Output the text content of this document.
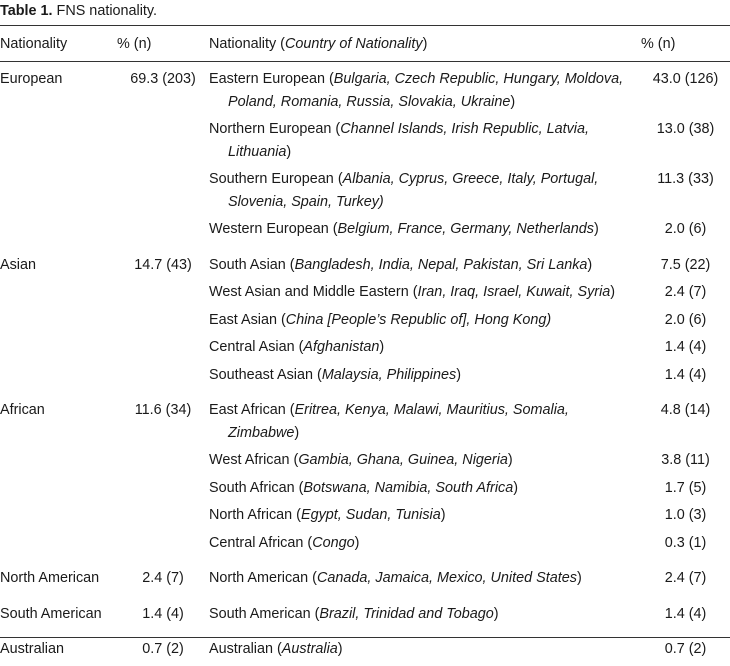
Table 1. FNS nationality.
Nationality	% (n)	Nationality (Country of Nationality)	% (n)

European	69.3 (203)	Eastern European (Bulgaria, Czech Republic, Hungary, Moldova, Poland, Romania, Russia, Slovakia, Ukraine)	43.0 (126)

		Northern European (Channel Islands, Irish Republic, Latvia, Lithuania)	13.0 (38)

		Southern European (Albania, Cyprus, Greece, Italy, Portugal, Slovenia, Spain, Turkey)	11.3 (33)

		Western European (Belgium, France, Germany, Netherlands)	2.0 (6)

Asian	14.7 (43)	South Asian (Bangladesh, India, Nepal, Pakistan, Sri Lanka)	7.5 (22)

		West Asian and Middle Eastern (Iran, Iraq, Israel, Kuwait, Syria)	2.4 (7)

		East Asian (China [People’s Republic of], Hong Kong)	2.0 (6)

		Central Asian (Afghanistan)	1.4 (4)

		Southeast Asian (Malaysia, Philippines)	1.4 (4)

African	11.6 (34)	East African (Eritrea, Kenya, Malawi, Mauritius, Somalia, Zimbabwe)	4.8 (14)

		West African (Gambia, Ghana, Guinea, Nigeria)	3.8 (11)

		South African (Botswana, Namibia, South Africa)	1.7 (5)

		North African (Egypt, Sudan, Tunisia)	1.0 (3)

		Central African (Congo)	0.3 (1)

North American	2.4 (7)	North American (Canada, Jamaica, Mexico, United States)	2.4 (7)

South American	1.4 (4)	South American (Brazil, Trinidad and Tobago)	1.4 (4)

Australian	0.7 (2)	Australian (Australia)	0.7 (2)
